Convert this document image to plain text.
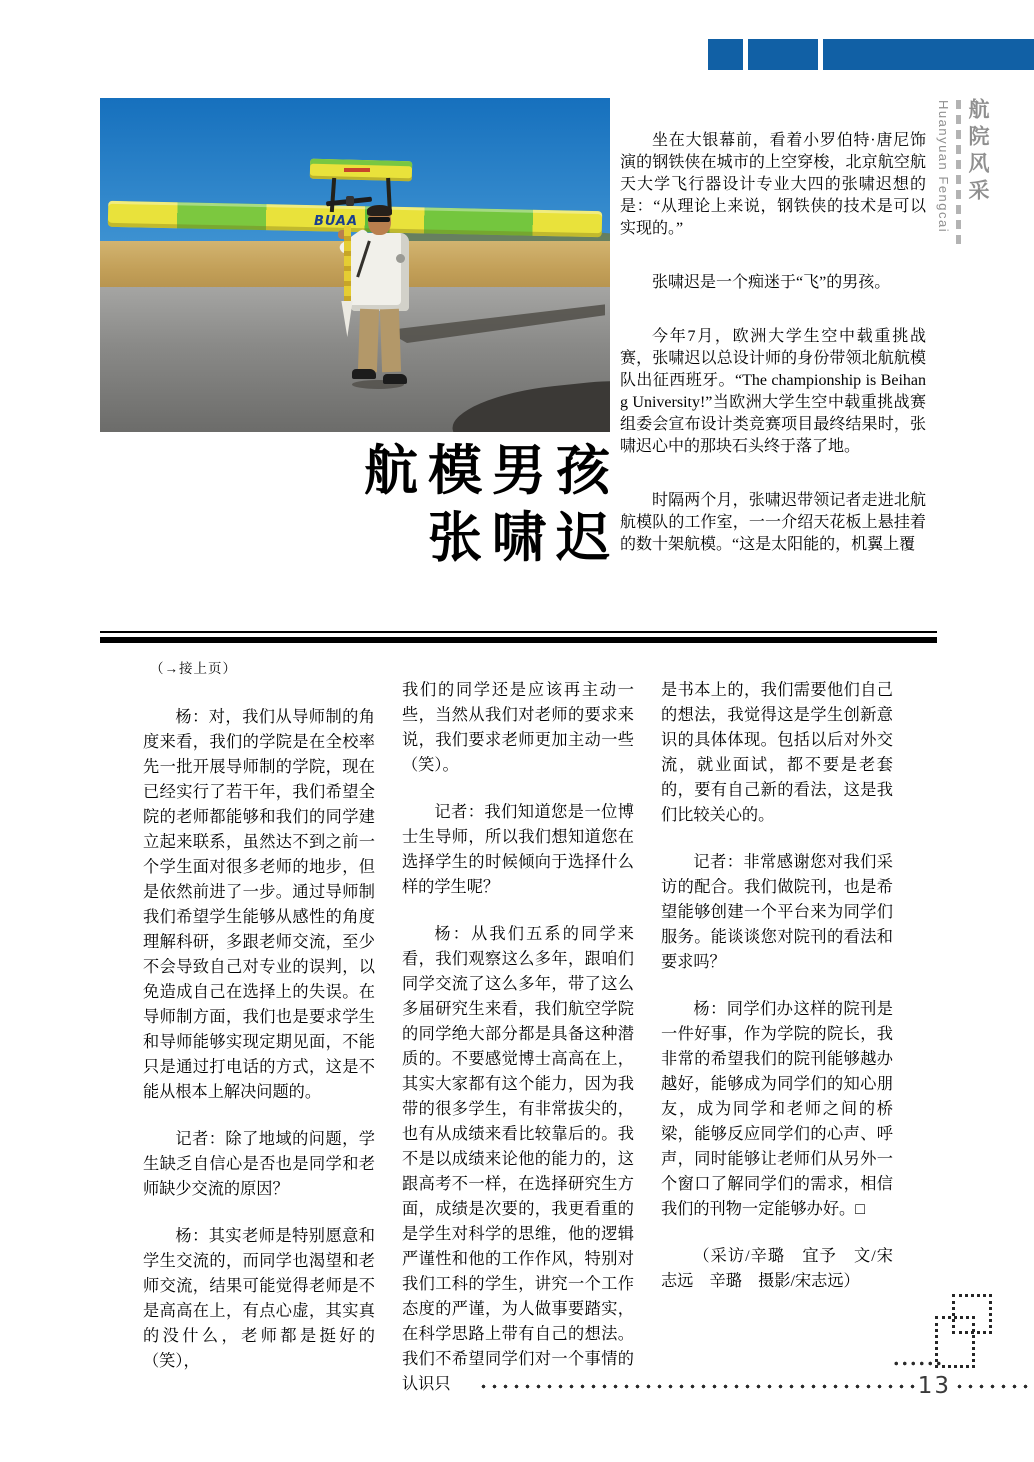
Huanyuan Fengcai 航院风采
BUAA
航模男孩
张啸迟

坐在大银幕前，看着小罗伯特·唐尼饰演的钢铁侠在城市的上空穿梭，北京航空航天大学飞行器设计专业大四的张啸迟想的是：“从理论上来说，钢铁侠的技术是可以实现的。”

张啸迟是一个痴迷于“飞”的男孩。

今年7月，欧洲大学生空中载重挑战赛，张啸迟以总设计师的身份带领北航航模队出征西班牙。“The championship is Beihang University!”当欧洲大学生空中载重挑战赛组委会宣布设计类竞赛项目最终结果时，张啸迟心中的那块石头终于落了地。

时隔两个月，张啸迟带领记者走进北航航模队的工作室，一一介绍天花板上悬挂着的数十架航模。“这是太阳能的，机翼上覆

（→接上页）

杨：对，我们从导师制的角度来看，我们的学院是在全校率先一批开展导师制的学院，现在已经实行了若干年，我们希望全院的老师都能够和我们的同学建立起来联系，虽然达不到之前一个学生面对很多老师的地步，但是依然前进了一步。通过导师制我们希望学生能够从感性的角度理解科研，多跟老师交流，至少不会导致自己对专业的误判，以免造成自己在选择上的失误。在导师制方面，我们也是要求学生和导师能够实现定期见面，不能只是通过打电话的方式，这是不能从根本上解决问题的。

记者：除了地域的问题，学生缺乏自信心是否也是同学和老师缺少交流的原因？

杨：其实老师是特别愿意和学生交流的，而同学也渴望和老师交流，结果可能觉得老师是不是高高在上，有点心虚，其实真的没什么，老师都是挺好的（笑），

我们的同学还是应该再主动一些，当然从我们对老师的要求来说，我们要求老师更加主动一些（笑）。

记者：我们知道您是一位博士生导师，所以我们想知道您在选择学生的时候倾向于选择什么样的学生呢？

杨：从我们五系的同学来看，我们观察这么多年，跟咱们同学交流了这么多年，带了这么多届研究生来看，我们航空学院的同学绝大部分都是具备这种潜质的。不要感觉博士高高在上，其实大家都有这个能力，因为我带的很多学生，有非常拔尖的，也有从成绩来看比较靠后的。我不是以成绩来论他的能力的，这跟高考不一样，在选择研究生方面，成绩是次要的，我更看重的是学生对科学的思维，他的逻辑严谨性和他的工作作风，特别对我们工科的学生，讲究一个工作态度的严谨，为人做事要踏实，在科学思路上带有自己的想法。我们不希望同学们对一个事情的认识只

是书本上的，我们需要他们自己的想法，我觉得这是学生创新意识的具体体现。包括以后对外交流，就业面试，都不要是老套的，要有自己新的看法，这是我们比较关心的。

记者：非常感谢您对我们采访的配合。我们做院刊，也是希望能够创建一个平台来为同学们服务。能谈谈您对院刊的看法和要求吗？

杨：同学们办这样的院刊是一件好事，作为学院的院长，我非常的希望我们的院刊能够越办越好，能够成为同学们的知心朋友，成为同学和老师之间的桥梁，能够反应同学们的心声、呼声，同时能够让老师们从另外一个窗口了解同学们的需求，相信我们的刊物一定能够办好。□

（采访/辛璐　宜予　文/宋志远　辛璐　摄影/宋志远）

13
